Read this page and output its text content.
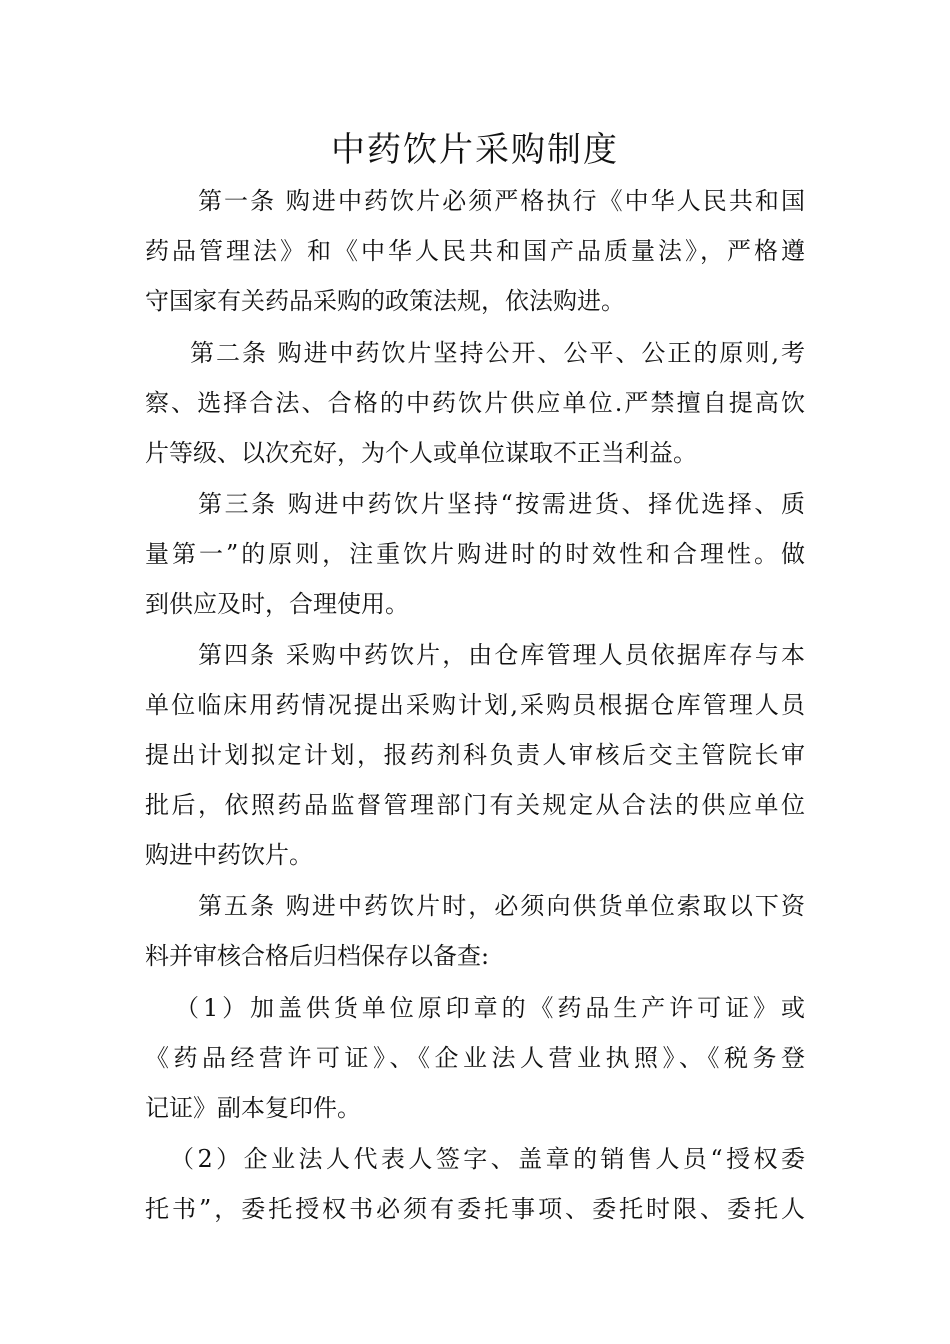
中药饮片采购制度

第一条 购进中药饮片必须严格执行《中华人民共和国

药品管理法》和《中华人民共和国产品质量法》，严格遵

守国家有关药品采购的政策法规，依法购进。

第二条 购进中药饮片坚持公开、公平、公正的原则,考

察、选择合法、合格的中药饮片供应单位.严禁擅自提高饮

片等级、以次充好，为个人或单位谋取不正当利益。

第三条 购进中药饮片坚持“按需进货、择优选择、质

量第一”的原则，注重饮片购进时的时效性和合理性。做

到供应及时，合理使用。

第四条 采购中药饮片，由仓库管理人员依据库存与本

单位临床用药情况提出采购计划,采购员根据仓库管理人员

提出计划拟定计划，报药剂科负责人审核后交主管院长审

批后，依照药品监督管理部门有关规定从合法的供应单位

购进中药饮片。

第五条 购进中药饮片时，必须向供货单位索取以下资

料并审核合格后归档保存以备查:

（1）加盖供货单位原印章的《药品生产许可证》或

《药品经营许可证》、《企业法人营业执照》、《税务登

记证》副本复印件。

（2）企业法人代表人签字、盖章的销售人员“授权委

托书”，委托授权书必须有委托事项、委托时限、委托人
